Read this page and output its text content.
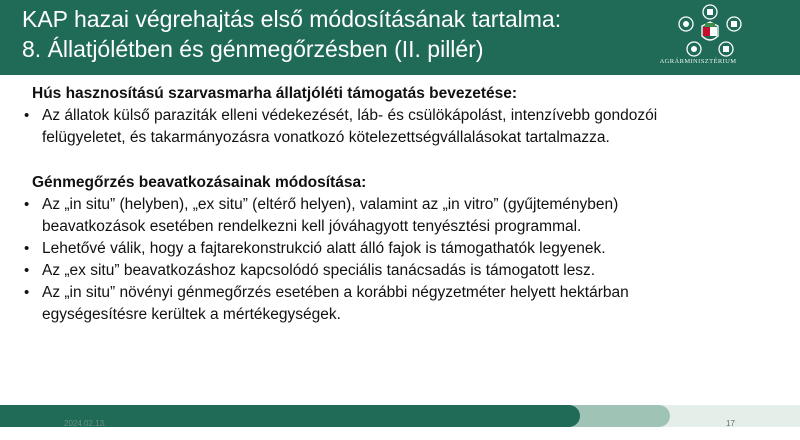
KAP hazai végrehajtás első módosításának tartalma:
8. Állatjólétben és génmegőrzésben (II. pillér)	AGRÁRMINISZTÉRIUM
Hús hasznosítású szarvasmarha állatjóléti támogatás bevezetése:
• Az állatok külső paraziták elleni védekezését, láb- és csülökápolást, intenzívebb gondozói
felügyeletet, és takarmányozásra vonatkozó kötelezettségvállalásokat tartalmazza.
Génmegőrzés beavatkozásainak módosítása:
• Az „in situ” (helyben), „ex situ” (eltérő helyen), valamint az „in vitro” (gyűjteményben)
beavatkozások esetében rendelkezni kell jóváhagyott tenyésztési programmal.
• Lehetővé válik, hogy a fajtarekonstrukció alatt álló fajok is támogathatók legyenek.
• Az „ex situ” beavatkozáshoz kapcsolódó speciális tanácsadás is támogatott lesz.
• Az „in situ” növényi génmegőrzés esetében a korábbi négyzetméter helyett hektárban
egységesítésre kerültek a mértékegységek.
2024.02.13.	17
